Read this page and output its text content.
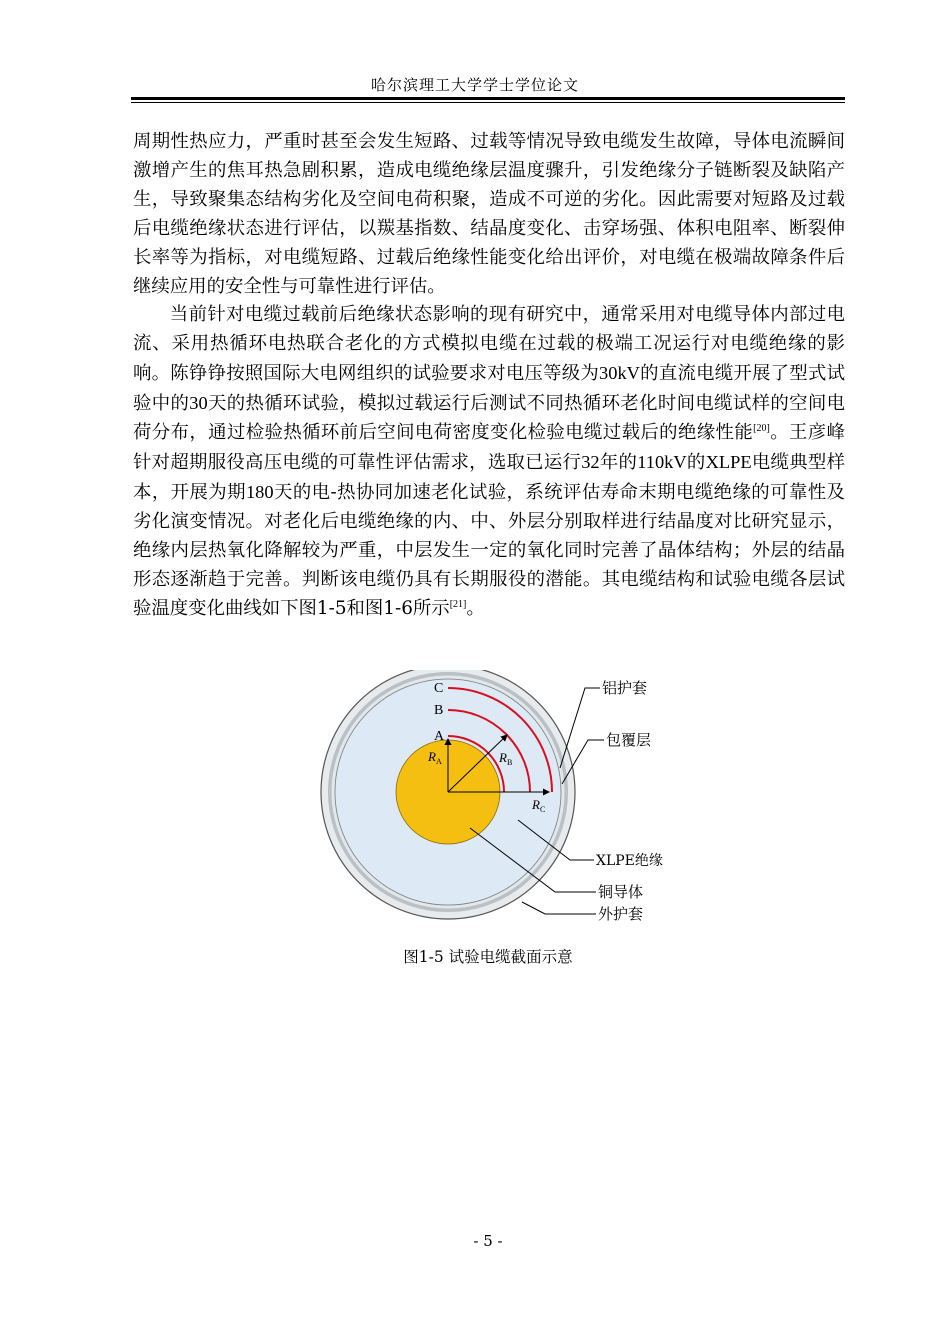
哈尔滨理工大学学士学位论文

周期性热应力，严重时甚至会发生短路、过载等情况导致电缆发生故障，导体电流瞬间激增产生的焦耳热急剧积累，造成电缆绝缘层温度骤升，引发绝缘分子链断裂及缺陷产生，导致聚集态结构劣化及空间电荷积聚，造成不可逆的劣化。因此需要对短路及过载后电缆绝缘状态进行评估，以羰基指数、结晶度变化、击穿场强、体积电阻率、断裂伸长率等为指标，对电缆短路、过载后绝缘性能变化给出评价，对电缆在极端故障条件后继续应用的安全性与可靠性进行评估。

当前针对电缆过载前后绝缘状态影响的现有研究中，通常采用对电缆导体内部过电流、采用热循环电热联合老化的方式模拟电缆在过载的极端工况运行对电缆绝缘的影响。陈铮铮按照国际大电网组织的试验要求对电压等级为30kV的直流电缆开展了型式试验中的30天的热循环试验，模拟过载运行后测试不同热循环老化时间电缆试样的空间电荷分布，通过检验热循环前后空间电荷密度变化检验电缆过载后的绝缘性能[20]。王彦峰针对超期服役高压电缆的可靠性评估需求，选取已运行32年的110kV的XLPE电缆典型样本，开展为期180天的电-热协同加速老化试验，系统评估寿命末期电缆绝缘的可靠性及劣化演变情况。对老化后电缆绝缘的内、中、外层分别取样进行结晶度对比研究显示，绝缘内层热氧化降解较为严重，中层发生一定的氧化同时完善了晶体结构；外层的结晶形态逐渐趋于完善。判断该电缆仍具有长期服役的潜能。其电缆结构和试验电缆各层试验温度变化曲线如下图1-5和图1-6所示[21]。

A
B
C
$R_A$	$R_B$
$R_C$
铝护套
包覆层
XLPE绝缘
铜导体
外护套
图1-5 试验电缆截面示意
- 5 -
